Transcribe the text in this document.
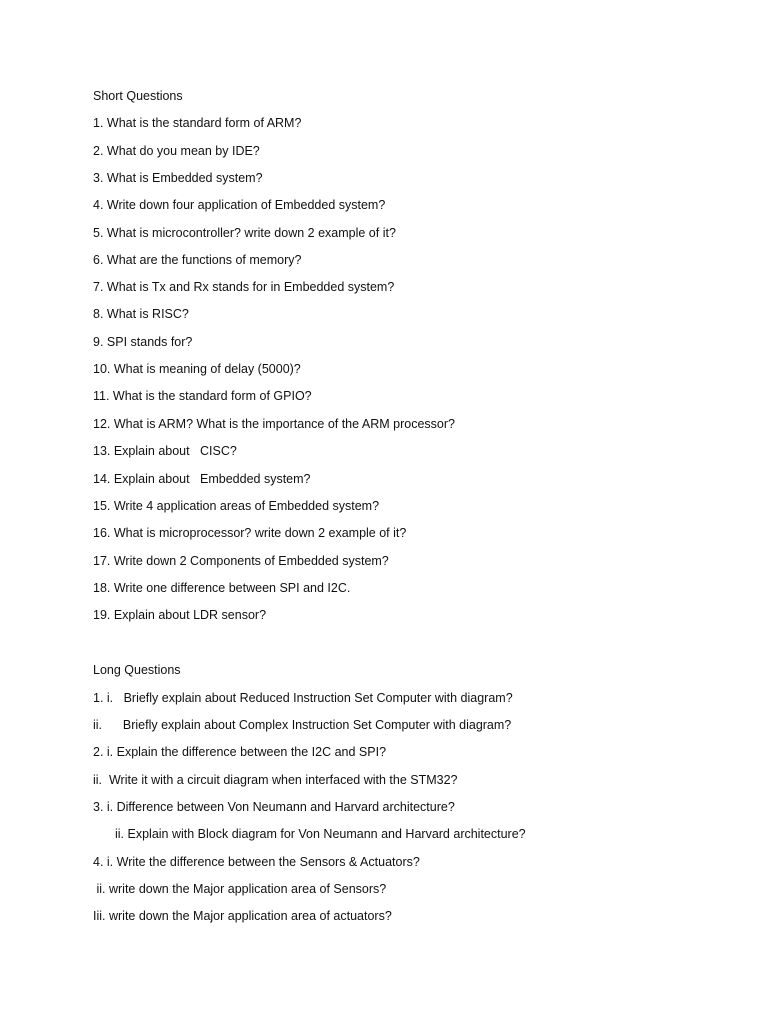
Short Questions
1. What is the standard form of ARM?
2. What do you mean by IDE?
3. What is Embedded system?
4. Write down four application of Embedded system?
5. What is microcontroller? write down 2 example of it?
6. What are the functions of memory?
7. What is Tx and Rx stands for in Embedded system?
8. What is RISC?
9. SPI stands for?
10. What is meaning of delay (5000)?
11. What is the standard form of GPIO?
12. What is ARM? What is the importance of the ARM processor?
13. Explain about   CISC?
14. Explain about   Embedded system?
15. Write 4 application areas of Embedded system?
16. What is microprocessor? write down 2 example of it?
17. Write down 2 Components of Embedded system?
18. Write one difference between SPI and I2C.
19. Explain about LDR sensor?
Long Questions
1. i.   Briefly explain about Reduced Instruction Set Computer with diagram?
ii.      Briefly explain about Complex Instruction Set Computer with diagram?
2. i. Explain the difference between the I2C and SPI?
ii.  Write it with a circuit diagram when interfaced with the STM32?
3. i. Difference between Von Neumann and Harvard architecture?
ii. Explain with Block diagram for Von Neumann and Harvard architecture?
4. i. Write the difference between the Sensors & Actuators?
ii. write down the Major application area of Sensors?
Iii. write down the Major application area of actuators?
